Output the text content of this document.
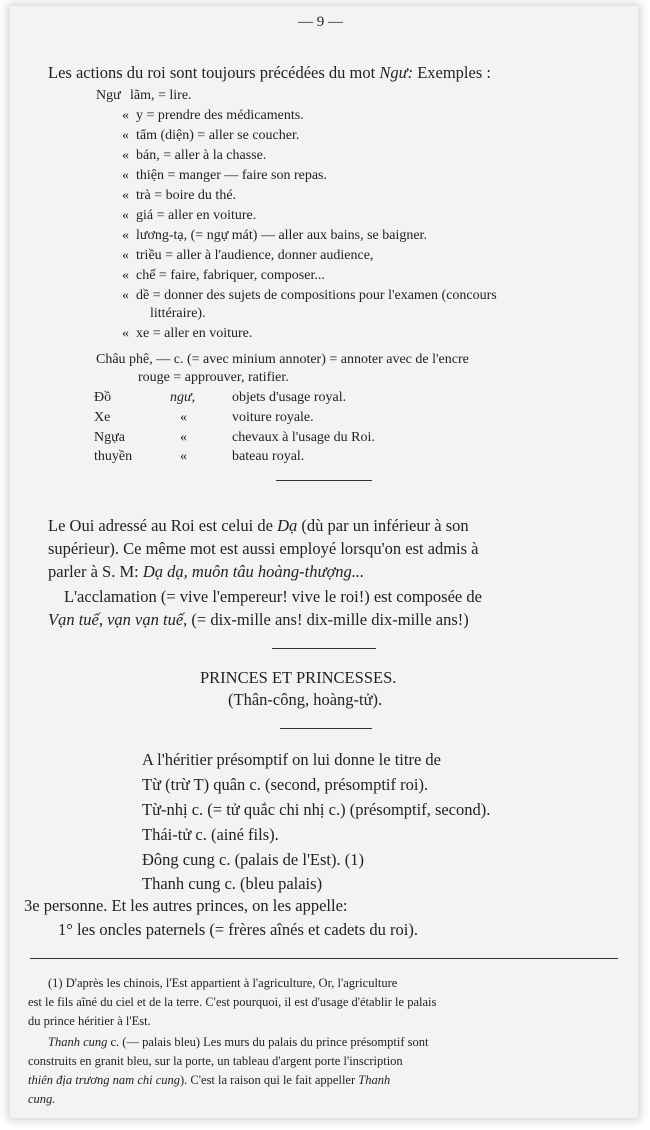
— 9 —
Les actions du roi sont toujours précédées du mot Ngư: Exemples :
Ngư lãm, = lire.
« y = prendre des médicaments.
« tẩm (diện) = aller se coucher.
« bán, = aller à la chasse.
« thiện = manger — faire son repas.
« trà = boire du thé.
« giá = aller en voiture.
« lương-tạ, (= ngự mát) — aller aux bains, se baigner.
« triều = aller à l'audience, donner audience,
« chế = faire, fabriquer, composer...
« dề = donner des sujets de compositions pour l'examen (concours
littéraire).
« xe = aller en voiture.
Châu phê, — c. (= avec minium annoter) = annoter avec de l'encre
rouge = approuver, ratifier.
Đồ	ngư,	objets d'usage royal.
Xe	«	voiture royale.
Ngựa	«	chevaux à l'usage du Roi.
thuyền	«	bateau royal.
Le Oui adressé au Roi est celui de Dạ (dù par un inférieur à son
supérieur). Ce même mot est aussi employé lorsqu'on est admis à
parler à S. M: Dạ dạ, muôn tâu hoàng-thượng...
L'acclamation (= vive l'empereur! vive le roi!) est composée de
Vạn tuế, vạn vạn tuế, (= dix-mille ans! dix-mille dix-mille ans!)
PRINCES ET PRINCESSES.
(Thân-công, hoàng-tử).
A l'héritier présomptif on lui donne le titre de
Từ (trừ T) quân c. (second, présomptif roi).
Từ-nhị c. (= tử quắc chi nhị c.) (présomptif, second).
Thái-tử c. (ainé fils).
Đông cung c. (palais de l'Est). (1)
Thanh cung c. (bleu palais)
3e personne. Et les autres princes, on les appelle:
1° les oncles paternels (= frères aînés et cadets du roi).
(1) D'après les chinois, l'Est appartient à l'agriculture, Or, l'agriculture
est le fils aîné du ciel et de la terre. C'est pourquoi, il est d'usage d'établir le palais
du prince héritier à l'Est.
Thanh cung c. (— palais bleu) Les murs du palais du prince présomptif sont
construits en granit bleu, sur la porte, un tableau d'argent porte l'inscription
thiên địa trương nam chi cung). C'est la raison qui le fait appeller Thanh
cung.
